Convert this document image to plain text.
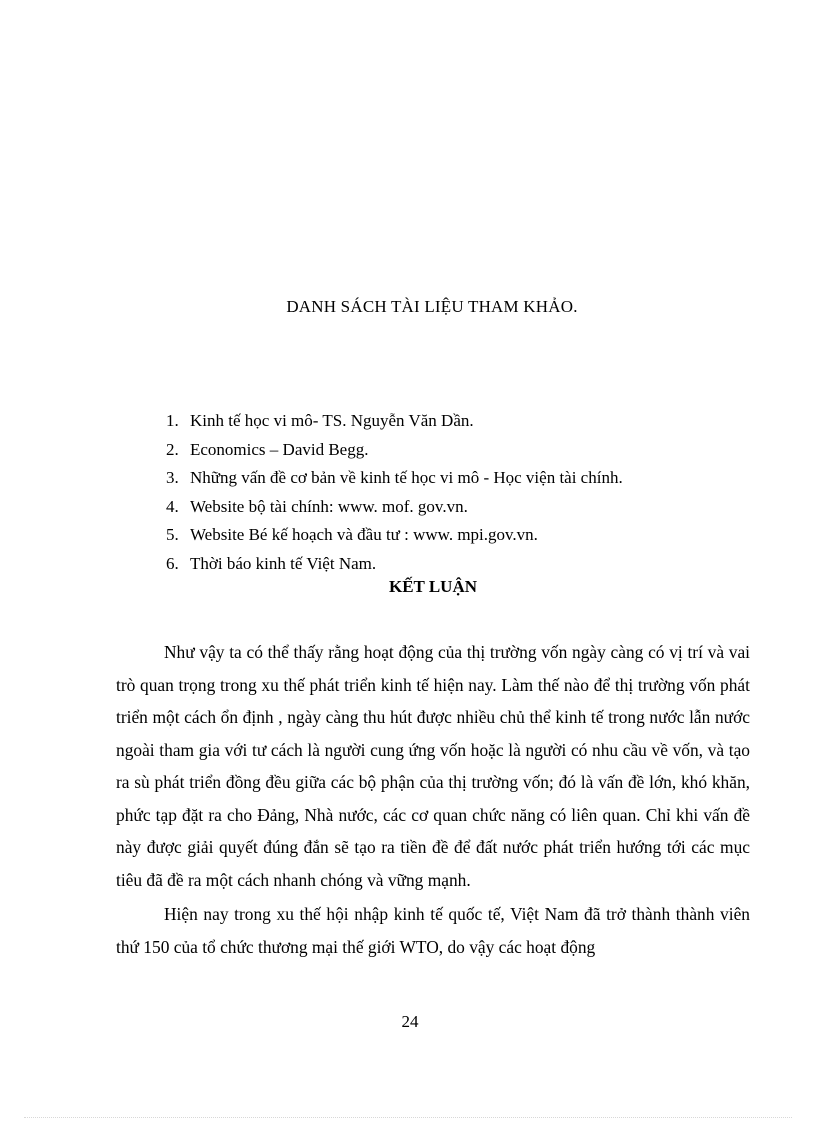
DANH SÁCH TÀI LIỆU THAM KHẢO.
1. Kinh tế học vi mô- TS. Nguyễn Văn Dần.
2. Economics – David Begg.
3. Những vấn đề cơ bản về kinh tế học vi mô - Học viện tài chính.
4. Website bộ tài chính: www. mof. gov.vn.
5. Website Bé kế hoạch và đầu tư : www. mpi.gov.vn.
6. Thời báo kinh tế Việt Nam.
KẾT LUẬN

Như vậy ta có thể thấy rằng hoạt động của thị trường vốn ngày càng có vị trí và vai trò quan trọng trong xu thế phát triển kinh tế hiện nay. Làm thế nào để thị trường vốn phát triển một cách ổn định , ngày càng thu hút được nhiều chủ thể kinh tế trong nước lẫn nước ngoài tham gia với tư cách là người cung ứng vốn hoặc là người có nhu cầu về vốn, và tạo ra sù phát triển đồng đều giữa các bộ phận của thị trường vốn; đó là vấn đề lớn, khó khăn, phức tạp đặt ra cho Đảng, Nhà nước, các cơ quan chức năng có liên quan. Chỉ khi vấn đề này được giải quyết đúng đắn sẽ tạo ra tiền đề để đất nước phát triển hướng tới các mục tiêu đã đề ra một cách nhanh chóng và vững mạnh.

Hiện nay trong xu thế hội nhập kinh tế quốc tế, Việt Nam đã trở thành thành viên thứ 150 của tổ chức thương mại thế giới WTO, do vậy các hoạt động

24
